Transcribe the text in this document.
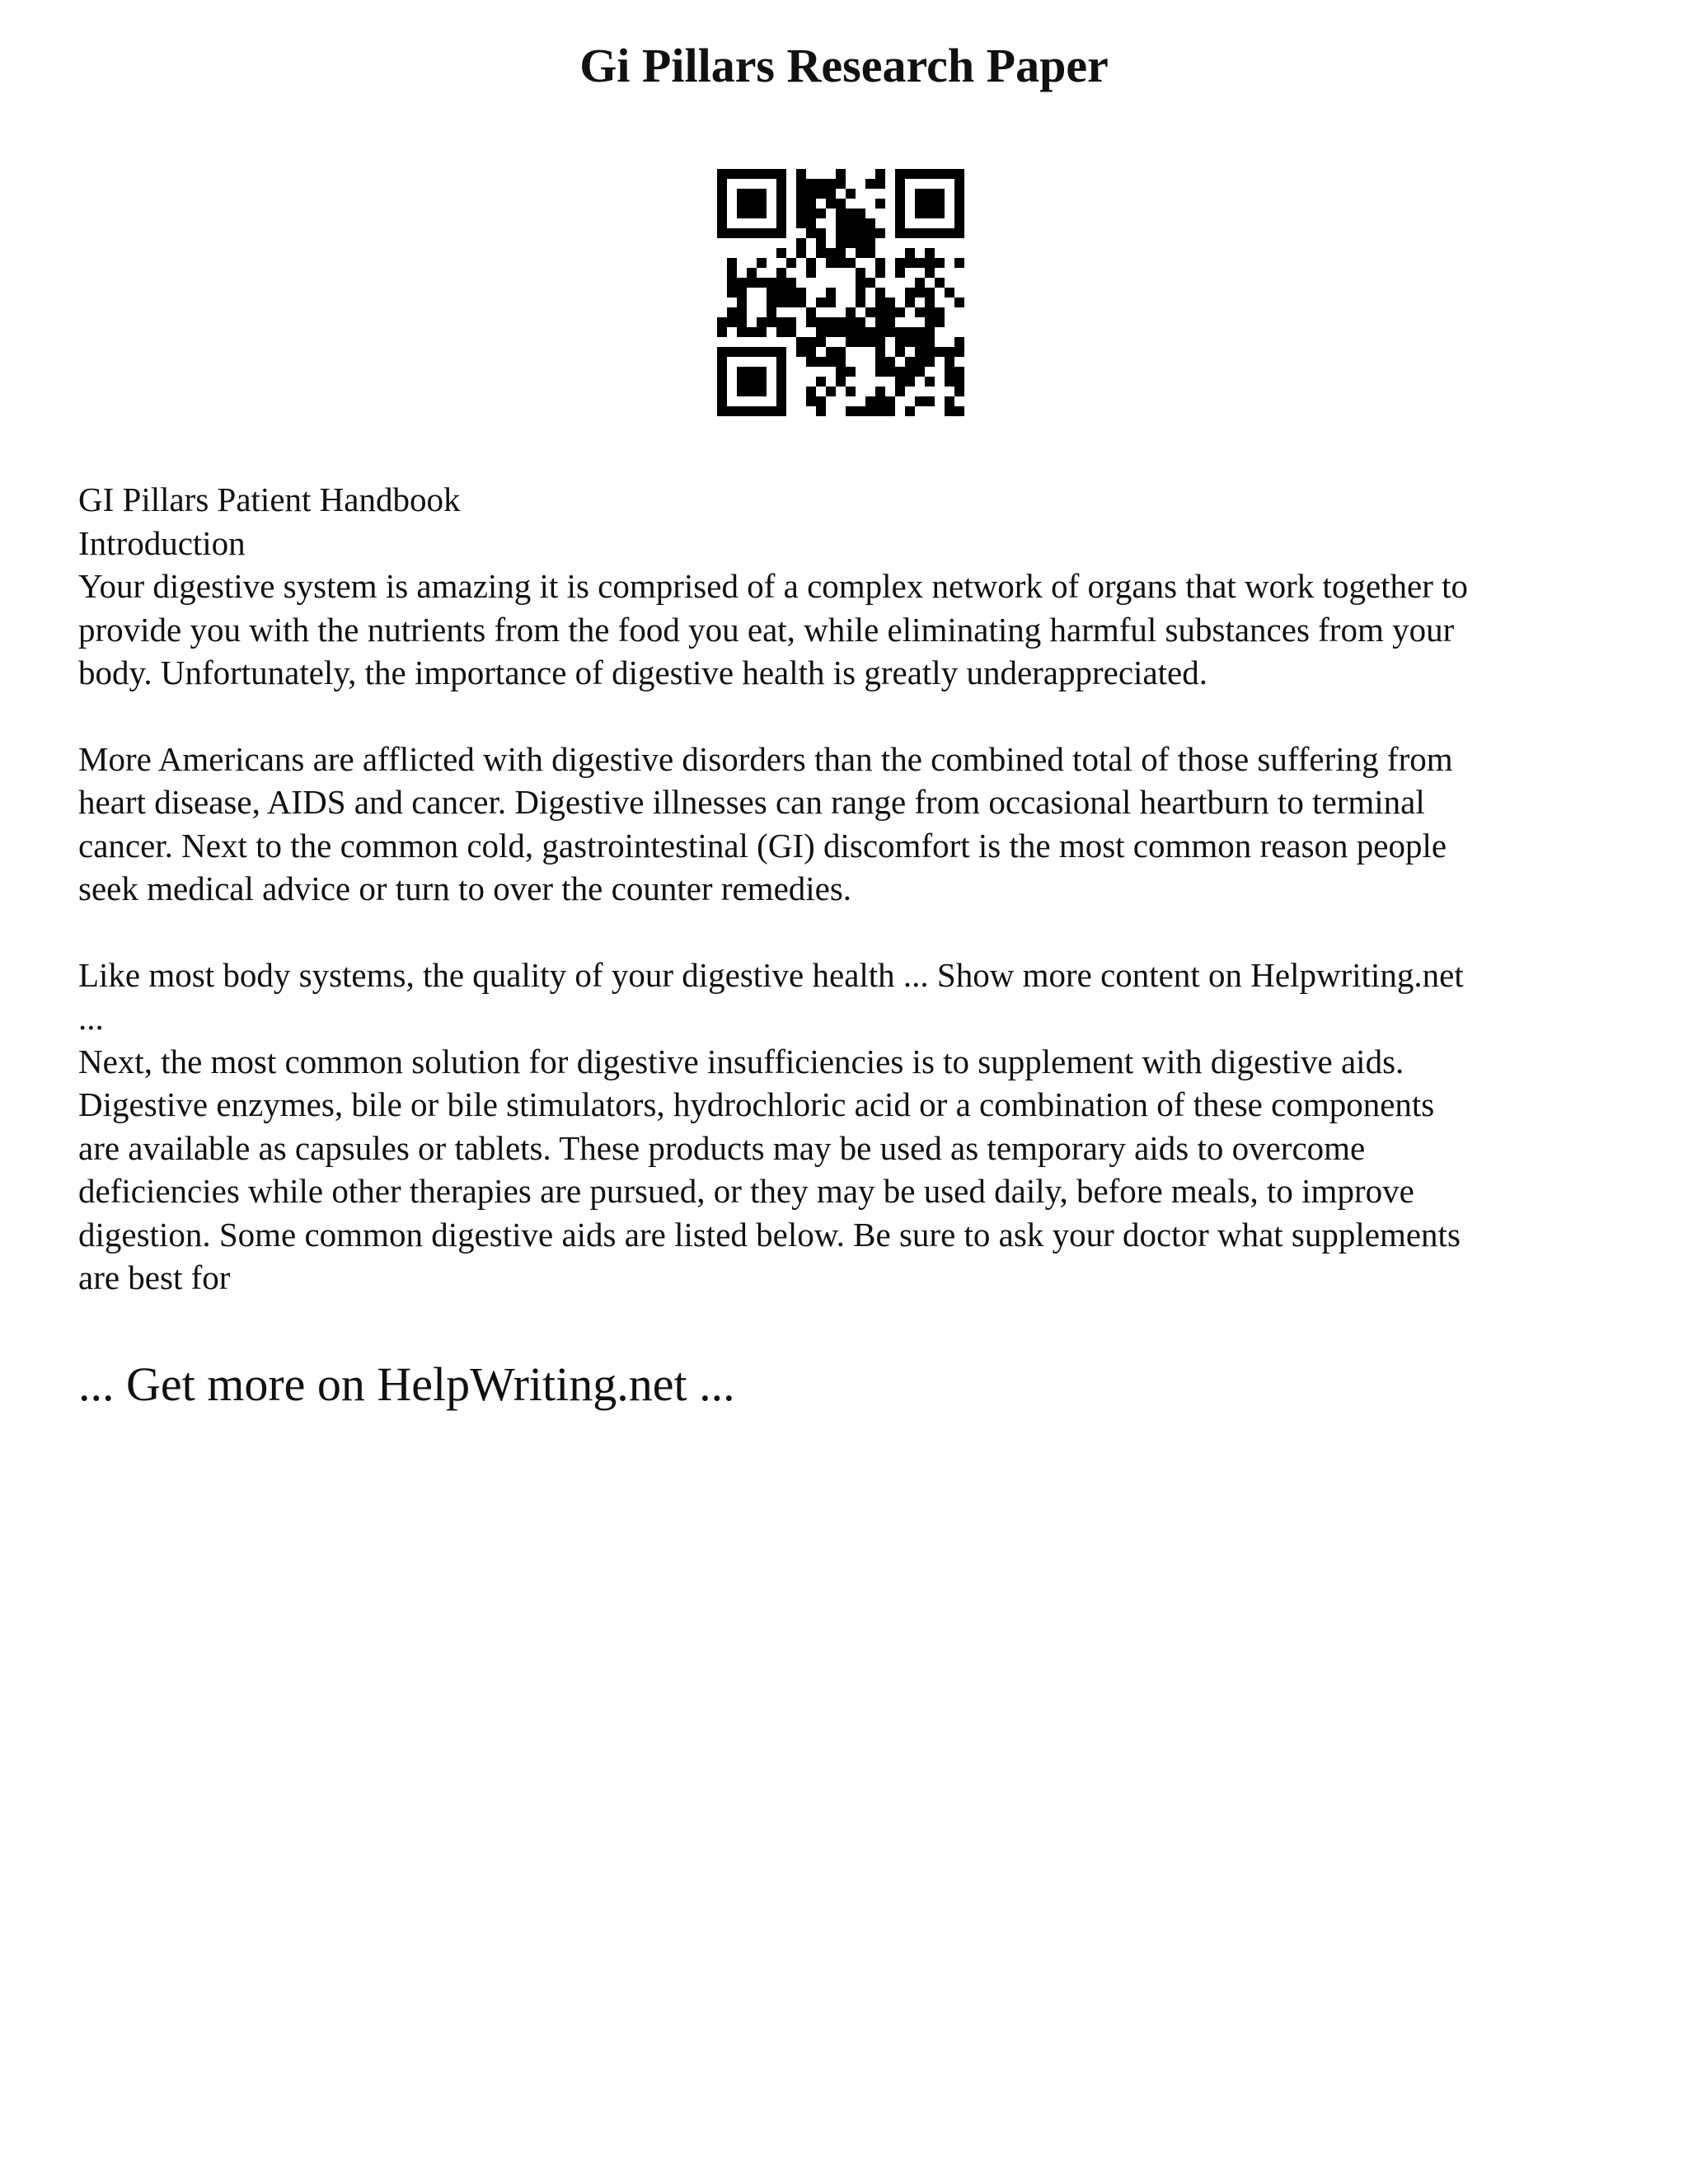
Gi Pillars Research Paper

GI Pillars Patient Handbook

Introduction

Your digestive system is amazing it is comprised of a complex network of organs that work together to

provide you with the nutrients from the food you eat, while eliminating harmful substances from your

body. Unfortunately, the importance of digestive health is greatly underappreciated.

More Americans are afflicted with digestive disorders than the combined total of those suffering from

heart disease, AIDS and cancer. Digestive illnesses can range from occasional heartburn to terminal

cancer. Next to the common cold, gastrointestinal (GI) discomfort is the most common reason people

seek medical advice or turn to over the counter remedies.

Like most body systems, the quality of your digestive health ... Show more content on Helpwriting.net

...

Next, the most common solution for digestive insufficiencies is to supplement with digestive aids.

Digestive enzymes, bile or bile stimulators, hydrochloric acid or a combination of these components

are available as capsules or tablets. These products may be used as temporary aids to overcome

deficiencies while other therapies are pursued, or they may be used daily, before meals, to improve

digestion. Some common digestive aids are listed below. Be sure to ask your doctor what supplements

are best for

... Get more on HelpWriting.net ...
